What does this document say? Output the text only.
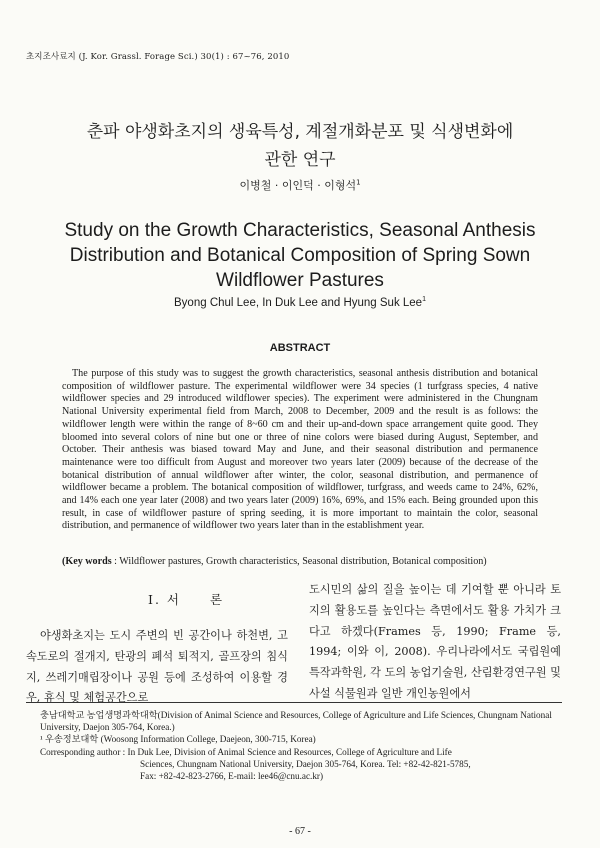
초지조사료지 (J. Kor. Grassl. Forage Sci.) 30(1) : 67~76, 2010
춘파 야생화초지의 생육특성, 계절개화분포 및 식생변화에
관한 연구
이병철 · 이인덕 · 이형석$^1$
Study on the Growth Characteristics, Seasonal Anthesis
Distribution and Botanical Composition of Spring Sown
Wildflower Pastures
Byong Chul Lee, In Duk Lee and Hyung Suk Lee$^1$
ABSTRACT

The purpose of this study was to suggest the growth characteristics, seasonal anthesis distribution and botanical composition of wildflower pasture. The experimental wildflower were 34 species (1 turfgrass species, 4 native wildflower species and 29 introduced wildflower species). The experiment were administered in the Chungnam National University experimental field from March, 2008 to December, 2009 and the result is as follows: the wildflower length were within the range of 8~60 cm and their up-and-down space arrangement quite good. They bloomed into several colors of nine but one or three of nine colors were biased during August, September, and October. Their anthesis was biased toward May and June, and their seasonal distribution and permanence maintenance were too difficult from August and moreover two years later (2009) because of the decrease of the botanical distribution of annual wildflower after winter, the color, seasonal distribution, and permanence of wildflower became a problem. The botanical composition of wildflower, turfgrass, and weeds came to 24%, 62%, and 14% each one year later (2008) and two years later (2009) 16%, 69%, and 15% each. Being grounded upon this result, in case of wildflower pasture of spring seeding, it is more important to maintain the color, seasonal distribution, and permanence of wildflower two years later than in the establishment year.

(Key words : Wildflower pastures, Growth characteristics, Seasonal distribution, Botanical composition)
I. 서　　론

야생화초지는 도시 주변의 빈 공간이나 하천변, 고속도로의 절개지, 탄광의 폐석 퇴적지, 골프장의 침식지, 쓰레기매립장이나 공원 등에 조성하여 이용할 경우, 휴식 및 체험공간으로

도시민의 삶의 질을 높이는 데 기여할 뿐 아니라 토지의 활용도를 높인다는 측면에서도 활용 가치가 크다고 하겠다(Frames 등, 1990; Frame 등, 1994; 이와 이, 2008). 우리나라에서도 국립원예특작과학원, 각 도의 농업기술원, 산림환경연구원 및 사설 식물원과 일반 개인농원에서

충남대학교 농업생명과학대학(Division of Animal Science and Resources, College of Agriculture and Life Sciences, Chungnam National University, Daejon 305-764, Korea.)
¹ 우송정보대학 (Woosong Information College, Daejeon, 300-715, Korea)
Corresponding author : In Duk Lee, Division of Animal Science and Resources, College of Agriculture and Life
Sciences, Chungnam National University, Daejon 305-764, Korea. Tel: +82-42-821-5785,
Fax: +82-42-823-2766, E-mail: lee46@cnu.ac.kr)
- 67 -
